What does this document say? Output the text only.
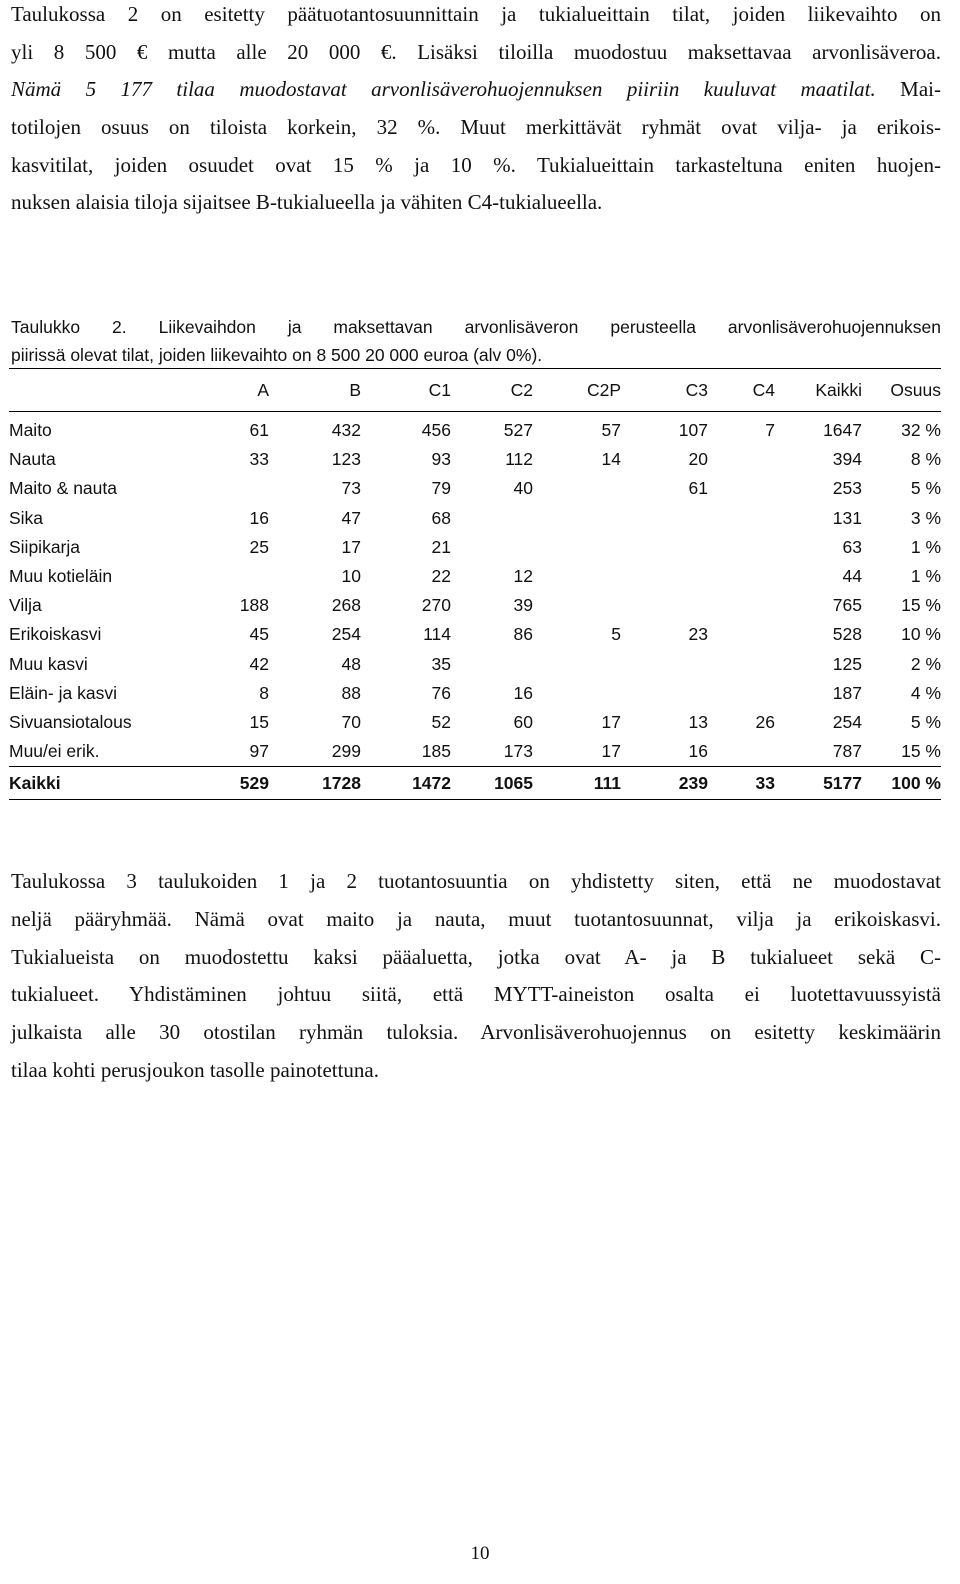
Taulukossa 2 on esitetty päätuotantosuunnittain ja tukialueittain tilat, joiden liikevaihto on
yli 8 500 € mutta alle 20 000 €. Lisäksi tiloilla muodostuu maksettavaa arvonlisäveroa.
Nämä 5 177 tilaa muodostavat arvonlisäverohuojennuksen piiriin kuuluvat maatilat. Mai-
totilojen osuus on tiloista korkein, 32 %. Muut merkittävät ryhmät ovat vilja- ja erikois-
kasvitilat, joiden osuudet ovat 15 % ja 10 %. Tukialueittain tarkasteltuna eniten huojen-
nuksen alaisia tiloja sijaitsee B-tukialueella ja vähiten C4-tukialueella.
Taulukko 2. Liikevaihdon ja maksettavan arvonlisäveron perusteella arvonlisäverohuojennuksen
piirissä olevat tilat, joiden liikevaihto on 8 500 20 000 euroa (alv 0%).
	A	B	C1	C2	C2P	C3	C4	Kaikki	Osuus
Maito	61	432	456	527	57	107	7	1647	32 %
Nauta	33	123	93	112	14	20		394	8 %
Maito & nauta		73	79	40		61		253	5 %
Sika	16	47	68					131	3 %
Siipikarja	25	17	21					63	1 %
Muu kotieläin		10	22	12				44	1 %
Vilja	188	268	270	39				765	15 %
Erikoiskasvi	45	254	114	86	5	23		528	10 %
Muu kasvi	42	48	35					125	2 %
Eläin- ja kasvi	8	88	76	16				187	4 %
Sivuansiotalous	15	70	52	60	17	13	26	254	5 %
Muu/ei erik.	97	299	185	173	17	16		787	15 %
Kaikki	529	1728	1472	1065	111	239	33	5177	100 %
Taulukossa 3 taulukoiden 1 ja 2 tuotantosuuntia on yhdistetty siten, että ne muodostavat
neljä pääryhmää. Nämä ovat maito ja nauta, muut tuotantosuunnat, vilja ja erikoiskasvi.
Tukialueista on muodostettu kaksi pääaluetta, jotka ovat A- ja B tukialueet sekä C-
tukialueet. Yhdistäminen johtuu siitä, että MYTT-aineiston osalta ei luotettavuussyistä
julkaista alle 30 otostilan ryhmän tuloksia. Arvonlisäverohuojennus on esitetty keskimäärin
tilaa kohti perusjoukon tasolle painotettuna.
10
